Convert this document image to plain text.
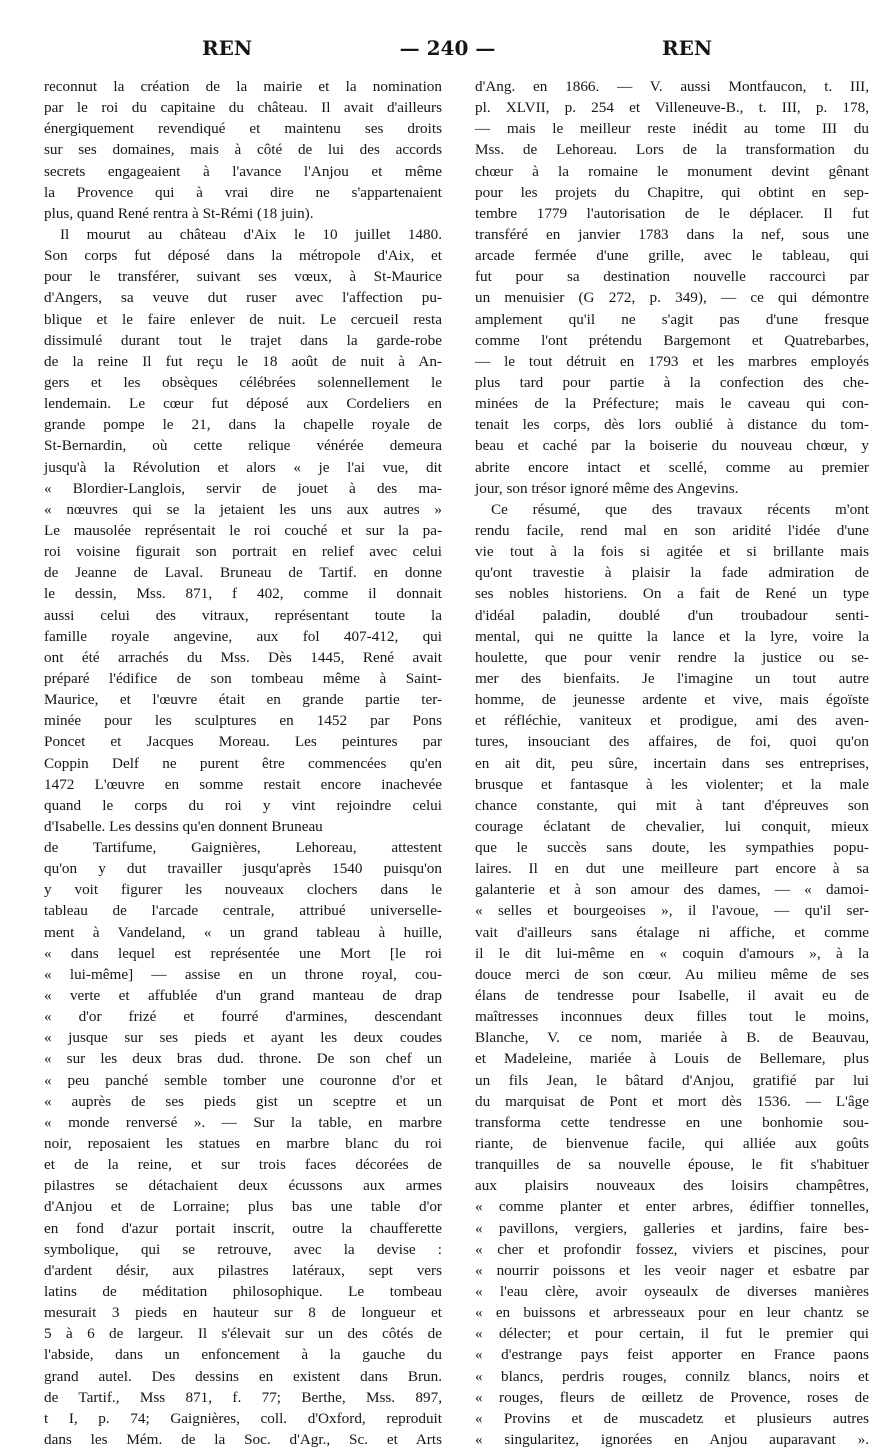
REN	— 240 —	REN
reconnut la création de la mairie et la nomination
par le roi du capitaine du château. Il avait d'ailleurs
énergiquement revendiqué et maintenu ses droits
sur ses domaines, mais à côté de lui des accords
secrets engageaient à l'avance l'Anjou et même
la Provence qui à vrai dire ne s'appartenaient
plus, quand René rentra à St-Rémi (18 juin).
Il mourut au château d'Aix le 10 juillet 1480.
Son corps fut déposé dans la métropole d'Aix, et
pour le transférer, suivant ses vœux, à St-Maurice
d'Angers, sa veuve dut ruser avec l'affection pu-
blique et le faire enlever de nuit. Le cercueil resta
dissimulé durant tout le trajet dans la garde-robe
de la reine Il fut reçu le 18 août de nuit à An-
gers et les obsèques célébrées solennellement le
lendemain. Le cœur fut déposé aux Cordeliers en
grande pompe le 21, dans la chapelle royale de
St-Bernardin, où cette relique vénérée demeura
jusqu'à la Révolution et alors « je l'ai vue, dit
« Blordier-Langlois, servir de jouet à des ma-
« nœuvres qui se la jetaient les uns aux autres »
Le mausolée représentait le roi couché et sur la pa-
roi voisine figurait son portrait en relief avec celui
de Jeanne de Laval. Bruneau de Tartif. en donne
le dessin, Mss. 871, f 402, comme il donnait
aussi celui des vitraux, représentant toute la
famille royale angevine, aux fol 407-412, qui
ont été arrachés du Mss. Dès 1445, René avait
préparé l'édifice de son tombeau même à Saint-
Maurice, et l'œuvre était en grande partie ter-
minée pour les sculptures en 1452 par Pons
Poncet et Jacques Moreau. Les peintures par
Coppin Delf ne purent être commencées qu'en
1472 L'œuvre en somme restait encore inachevée
quand le corps du roi y vint rejoindre celui
d'Isabelle. Les dessins qu'en donnent Bruneau
de Tartifume, Gaignières, Lehoreau, attestent
qu'on y dut travailler jusqu'après 1540 puisqu'on
y voit figurer les nouveaux clochers dans le
tableau de l'arcade centrale, attribué universelle-
ment à Vandeland, « un grand tableau à huille,
« dans lequel est représentée une Mort [le roi
« lui-même] — assise en un throne royal, cou-
« verte et affublée d'un grand manteau de drap
« d'or frizé et fourré d'armines, descendant
« jusque sur ses pieds et ayant les deux coudes
« sur les deux bras dud. throne. De son chef un
« peu panché semble tomber une couronne d'or et
« auprès de ses pieds gist un sceptre et un
« monde renversé ». — Sur la table, en marbre
noir, reposaient les statues en marbre blanc du roi
et de la reine, et sur trois faces décorées de
pilastres se détachaient deux écussons aux armes
d'Anjou et de Lorraine; plus bas une table d'or
en fond d'azur portait inscrit, outre la chaufferette
symbolique, qui se retrouve, avec la devise :
d'ardent désir, aux pilastres latéraux, sept vers
latins de méditation philosophique. Le tombeau
mesurait 3 pieds en hauteur sur 8 de longueur et
5 à 6 de largeur. Il s'élevait sur un des côtés de
l'abside, dans un enfoncement à la gauche du
grand autel. Des dessins en existent dans Brun.
de Tartif., Mss 871, f. 77; Berthe, Mss. 897,
t I, p. 74; Gaignières, coll. d'Oxford, reproduit
dans les Mém. de la Soc. d'Agr., Sc. et Arts
d'Ang. en 1866. — V. aussi Montfaucon, t. III,
pl. XLVII, p. 254 et Villeneuve-B., t. III, p. 178,
— mais le meilleur reste inédit au tome III du
Mss. de Lehoreau. Lors de la transformation du
chœur à la romaine le monument devint gênant
pour les projets du Chapitre, qui obtint en sep-
tembre 1779 l'autorisation de le déplacer. Il fut
transféré en janvier 1783 dans la nef, sous une
arcade fermée d'une grille, avec le tableau, qui
fut pour sa destination nouvelle raccourci par
un menuisier (G 272, p. 349), — ce qui démontre
amplement qu'il ne s'agit pas d'une fresque
comme l'ont prétendu Bargemont et Quatrebarbes,
— le tout détruit en 1793 et les marbres employés
plus tard pour partie à la confection des che-
minées de la Préfecture; mais le caveau qui con-
tenait les corps, dès lors oublié à distance du tom-
beau et caché par la boiserie du nouveau chœur, y
abrite encore intact et scellé, comme au premier
jour, son trésor ignoré même des Angevins.
Ce résumé, que des travaux récents m'ont
rendu facile, rend mal en son aridité l'idée d'une
vie tout à la fois si agitée et si brillante mais
qu'ont travestie à plaisir la fade admiration de
ses nobles historiens. On a fait de René un type
d'idéal paladin, doublé d'un troubadour senti-
mental, qui ne quitte la lance et la lyre, voire la
houlette, que pour venir rendre la justice ou se-
mer des bienfaits. Je l'imagine un tout autre
homme, de jeunesse ardente et vive, mais égoïste
et réfléchie, vaniteux et prodigue, ami des aven-
tures, insouciant des affaires, de foi, quoi qu'on
en ait dit, peu sûre, incertain dans ses entreprises,
brusque et fantasque à les violenter; et la male
chance constante, qui mit à tant d'épreuves son
courage éclatant de chevalier, lui conquit, mieux
que le succès sans doute, les sympathies popu-
laires. Il en dut une meilleure part encore à sa
galanterie et à son amour des dames, — « damoi-
« selles et bourgeoises », il l'avoue, — qu'il ser-
vait d'ailleurs sans étalage ni affiche, et comme
il le dit lui-même en « coquin d'amours », à la
douce merci de son cœur. Au milieu même de ses
élans de tendresse pour Isabelle, il avait eu de
maîtresses inconnues deux filles tout le moins,
Blanche, V. ce nom, mariée à B. de Beauvau,
et Madeleine, mariée à Louis de Bellemare, plus
un fils Jean, le bâtard d'Anjou, gratifié par lui
du marquisat de Pont et mort dès 1536. — L'âge
transforma cette tendresse en une bonhomie sou-
riante, de bienvenue facile, qui alliée aux goûts
tranquilles de sa nouvelle épouse, le fit s'habituer
aux plaisirs nouveaux des loisirs champêtres,
« comme planter et enter arbres, édiffier tonnelles,
« pavillons, vergiers, galleries et jardins, faire bes-
« cher et profondir fossez, viviers et piscines, pour
« nourrir poissons et les veoir nager et esbatre par
« l'eau clère, avoir oyseaulx de diverses manières
« en buissons et arbresseaux pour en leur chantz se
« délecter; et pour certain, il fut le premier qui
« d'estrange pays feist apporter en France paons
« blancs, perdris rouges, connilz blancs, noirs et
« rouges, fleurs de œilletz de Provence, roses de
« Provins et de muscadetz et plusieurs autres
« singularitez, ignorées en Anjou auparavant ».
